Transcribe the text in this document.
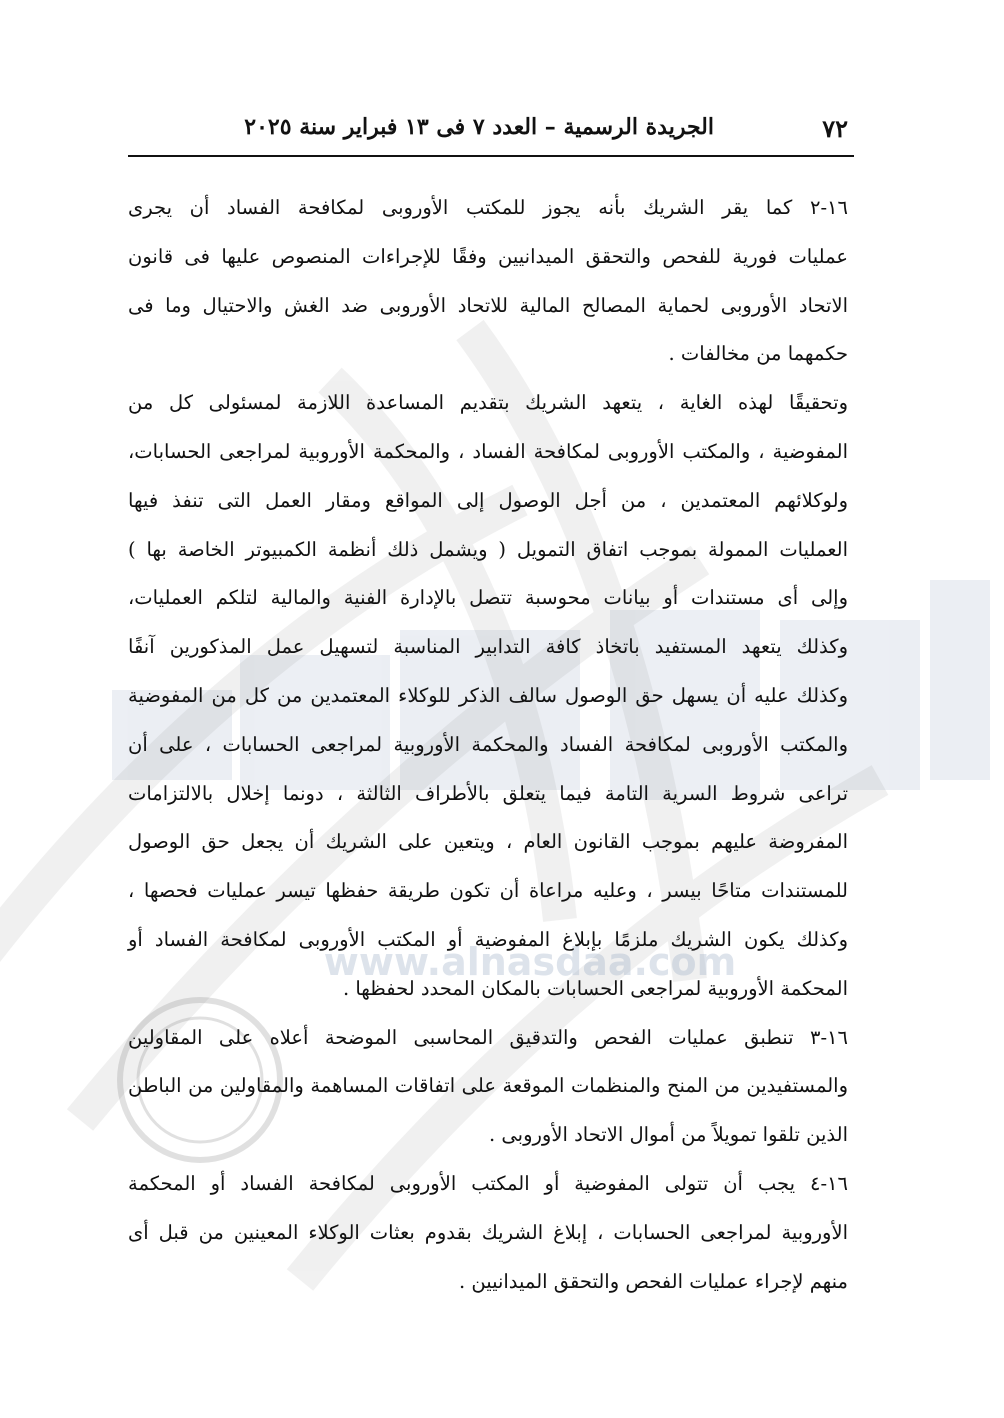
www.alnasdaa.com
٧٢
الجريدة الرسمية – العدد ٧ فى ١٣ فبراير سنة ٢٠٢٥
١٦-٢ كما يقر الشريك بأنه يجوز للمكتب الأوروبى لمكافحة الفساد أن يجرى
عمليات فورية للفحص والتحقق الميدانيين وفقًا للإجراءات المنصوص عليها فى قانون
الاتحاد الأوروبى لحماية المصالح المالية للاتحاد الأوروبى ضد الغش والاحتيال وما فى
حكمهما من مخالفات .
وتحقيقًا لهذه الغاية ، يتعهد الشريك بتقديم المساعدة اللازمة لمسئولى كل من
المفوضية ، والمكتب الأوروبى لمكافحة الفساد ، والمحكمة الأوروبية لمراجعى الحسابات،
ولوكلائهم المعتمدين ، من أجل الوصول إلى المواقع ومقار العمل التى تنفذ فيها
العمليات الممولة بموجب اتفاق التمويل ( ويشمل ذلك أنظمة الكمبيوتر الخاصة بها )
وإلى أى مستندات أو بيانات محوسبة تتصل بالإدارة الفنية والمالية لتلكم العمليات،
وكذلك يتعهد المستفيد باتخاذ كافة التدابير المناسبة لتسهيل عمل المذكورين آنفًا
وكذلك عليه أن يسهل حق الوصول سالف الذكر للوكلاء المعتمدين من كل من المفوضية
والمكتب الأوروبى لمكافحة الفساد والمحكمة الأوروبية لمراجعى الحسابات ، على أن
تراعى شروط السرية التامة فيما يتعلق بالأطراف الثالثة ، دونما إخلال بالالتزامات
المفروضة عليهم بموجب القانون العام ، ويتعين على الشريك أن يجعل حق الوصول
للمستندات متاحًا بيسر ، وعليه مراعاة أن تكون طريقة حفظها تيسر عمليات فحصها ،
وكذلك يكون الشريك ملزمًا بإبلاغ المفوضية أو المكتب الأوروبى لمكافحة الفساد أو
المحكمة الأوروبية لمراجعى الحسابات بالمكان المحدد لحفظها .
١٦-٣ تنطبق عمليات الفحص والتدقيق المحاسبى الموضحة أعلاه على المقاولين
والمستفيدين من المنح والمنظمات الموقعة على اتفاقات المساهمة والمقاولين من الباطن
الذين تلقوا تمويلاً من أموال الاتحاد الأوروبى .
١٦-٤ يجب أن تتولى المفوضية أو المكتب الأوروبى لمكافحة الفساد أو المحكمة
الأوروبية لمراجعى الحسابات ، إبلاغ الشريك بقدوم بعثات الوكلاء المعينين من قبل أى
منهم لإجراء عمليات الفحص والتحقق الميدانيين .
